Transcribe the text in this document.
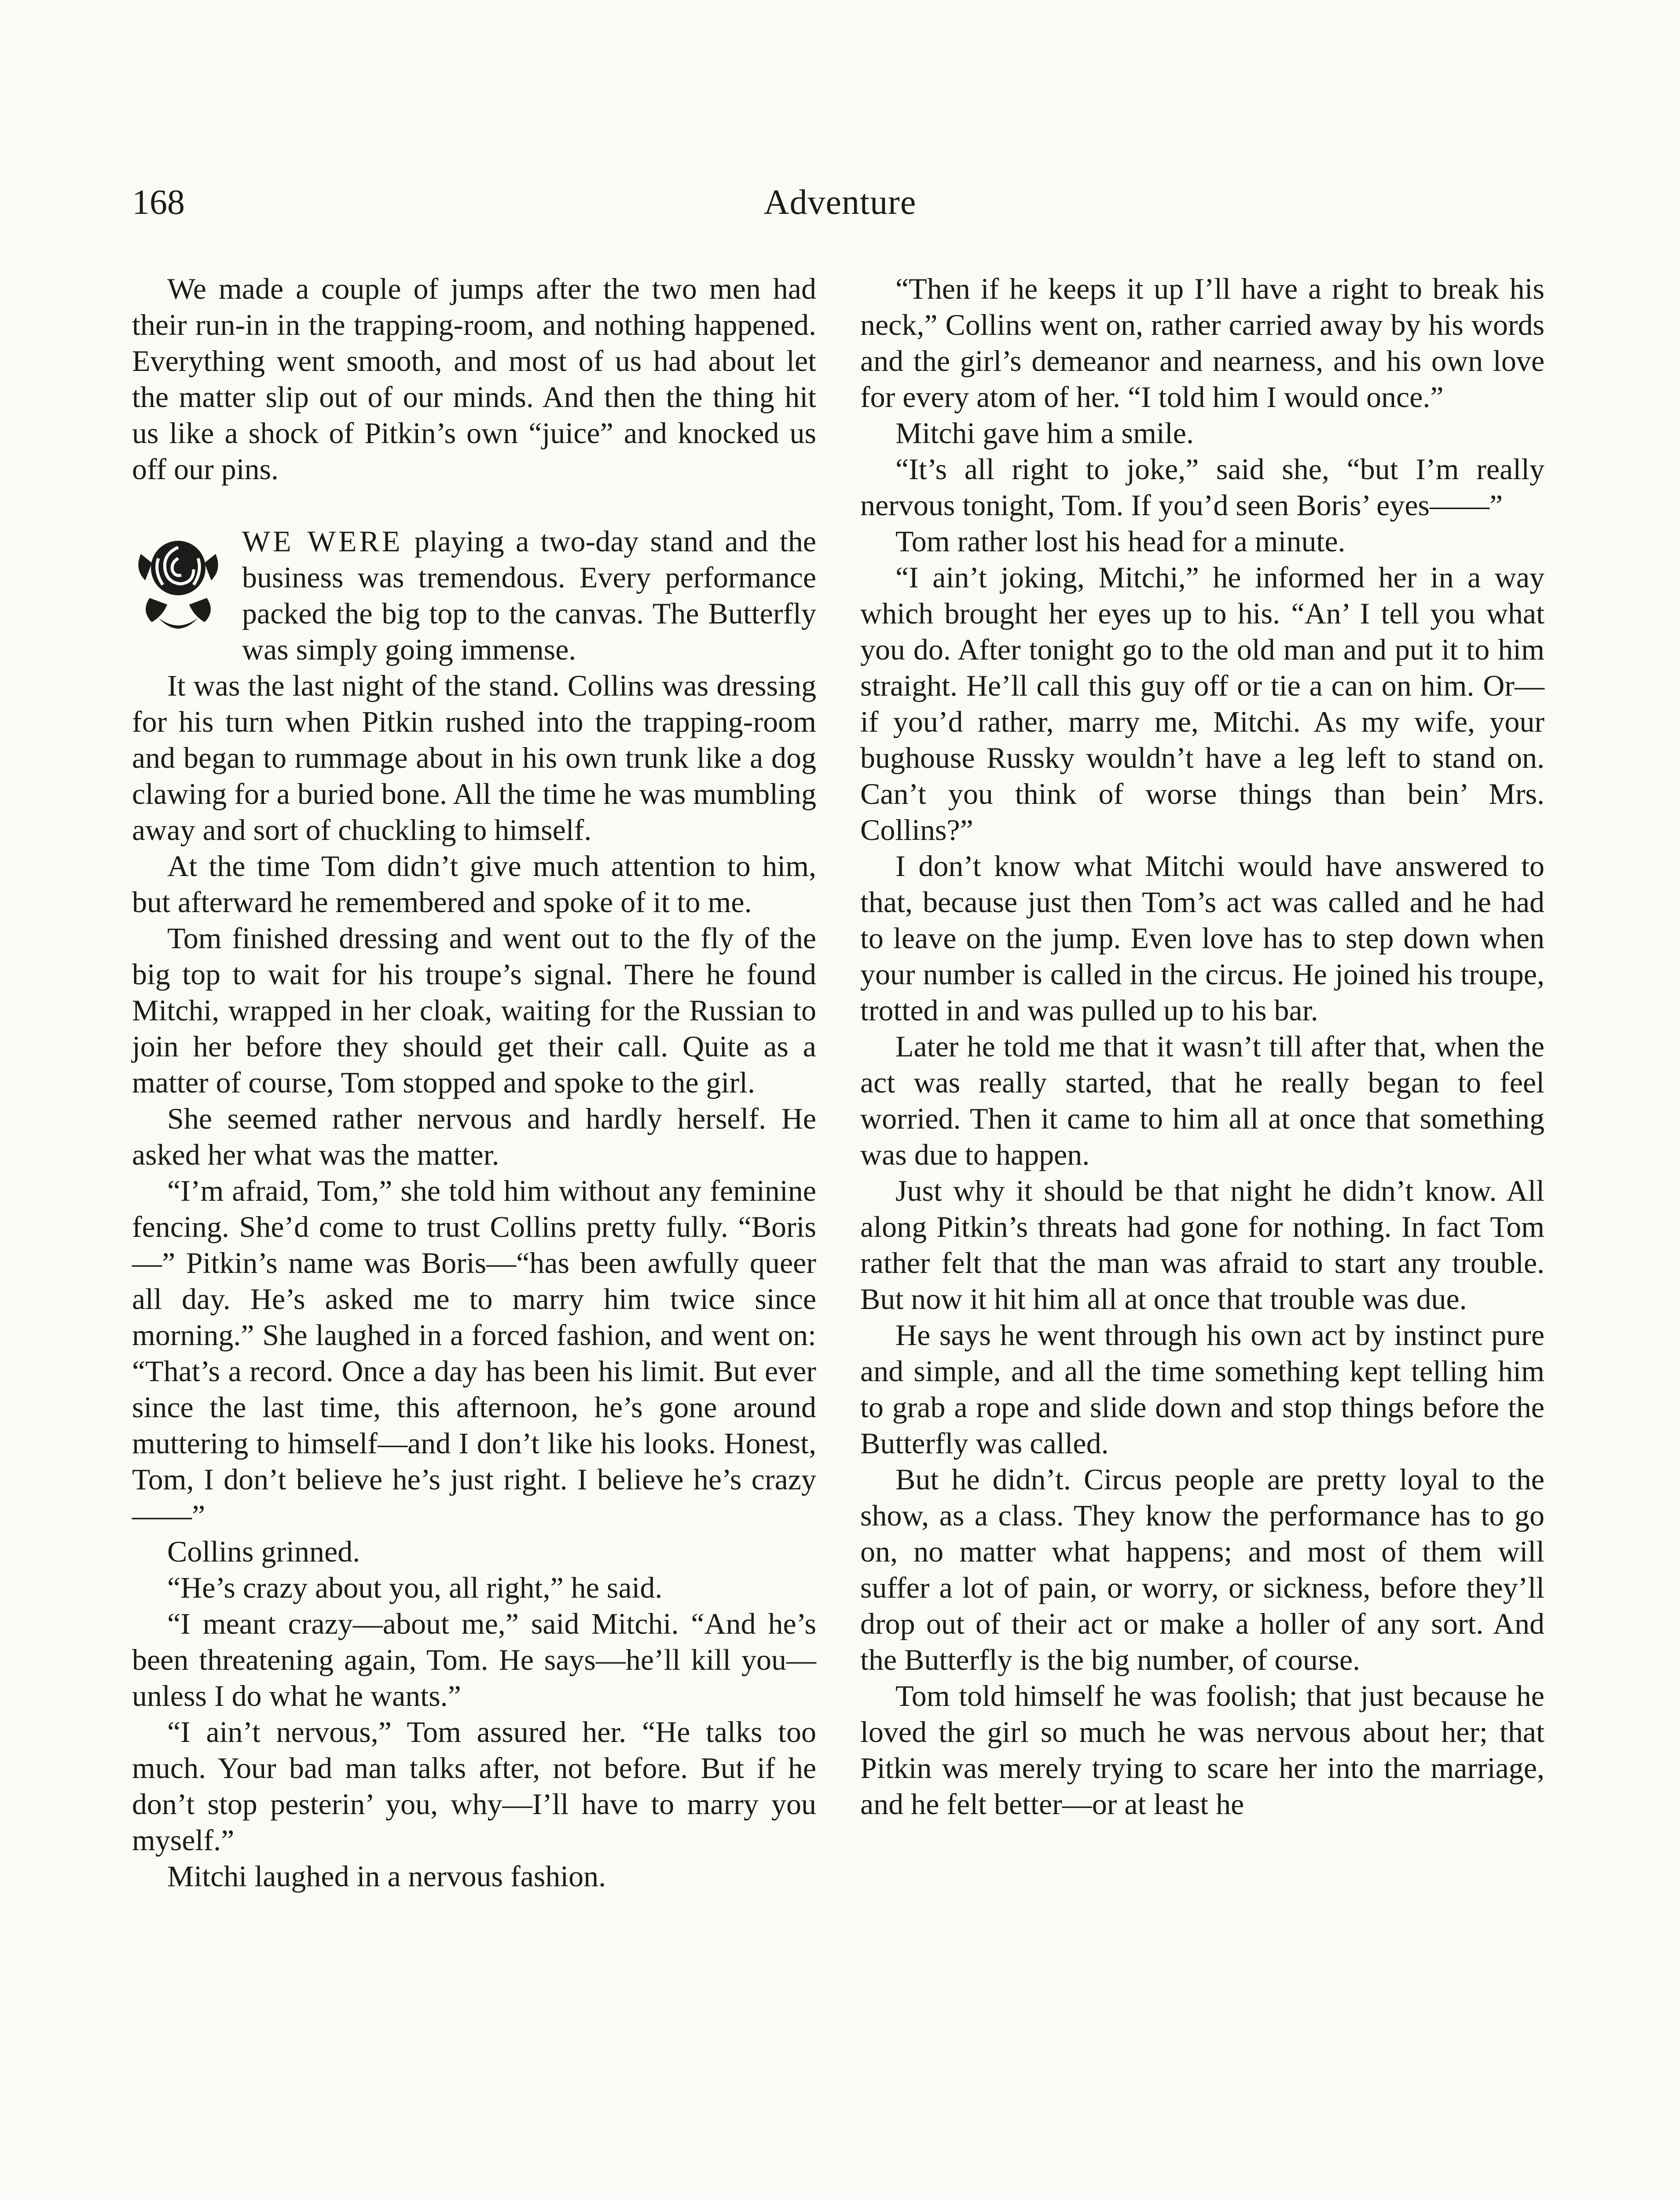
168	Adventure

We made a couple of jumps after the two men had their run-in in the trapping-room, and nothing happened. Everything went smooth, and most of us had about let the matter slip out of our minds. And then the thing hit us like a shock of Pitkin’s own “juice” and knocked us off our pins.

WE WERE playing a two-day stand and the business was tremendous. Every performance packed the big top to the canvas. The Butterfly was simply going immense.

It was the last night of the stand. Collins was dressing for his turn when Pitkin rushed into the trapping-room and began to rummage about in his own trunk like a dog clawing for a buried bone. All the time he was mumbling away and sort of chuckling to himself.

At the time Tom didn’t give much attention to him, but afterward he remembered and spoke of it to me.

Tom finished dressing and went out to the fly of the big top to wait for his troupe’s signal. There he found Mitchi, wrapped in her cloak, waiting for the Russian to join her before they should get their call. Quite as a matter of course, Tom stopped and spoke to the girl.

She seemed rather nervous and hardly herself. He asked her what was the matter.

“I’m afraid, Tom,” she told him without any feminine fencing. She’d come to trust Collins pretty fully. “Boris—” Pitkin’s name was Boris—“has been awfully queer all day. He’s asked me to marry him twice since morning.” She laughed in a forced fashion, and went on: “That’s a record. Once a day has been his limit. But ever since the last time, this afternoon, he’s gone around muttering to himself—and I don’t like his looks. Honest, Tom, I don’t believe he’s just right. I believe he’s crazy——”

Collins grinned.

“He’s crazy about you, all right,” he said.

“I meant crazy—about me,” said Mitchi. “And he’s been threatening again, Tom. He says—he’ll kill you—unless I do what he wants.”

“I ain’t nervous,” Tom assured her. “He talks too much. Your bad man talks after, not before. But if he don’t stop pesterin’ you, why—I’ll have to marry you myself.”

Mitchi laughed in a nervous fashion.

“Then if he keeps it up I’ll have a right to break his neck,” Collins went on, rather carried away by his words and the girl’s demeanor and nearness, and his own love for every atom of her. “I told him I would once.”

Mitchi gave him a smile.

“It’s all right to joke,” said she, “but I’m really nervous tonight, Tom. If you’d seen Boris’ eyes——”

Tom rather lost his head for a minute.

“I ain’t joking, Mitchi,” he informed her in a way which brought her eyes up to his. “An’ I tell you what you do. After tonight go to the old man and put it to him straight. He’ll call this guy off or tie a can on him. Or—if you’d rather, marry me, Mitchi. As my wife, your bughouse Russky wouldn’t have a leg left to stand on. Can’t you think of worse things than bein’ Mrs. Collins?”

I don’t know what Mitchi would have answered to that, because just then Tom’s act was called and he had to leave on the jump. Even love has to step down when your number is called in the circus. He joined his troupe, trotted in and was pulled up to his bar.

Later he told me that it wasn’t till after that, when the act was really started, that he really began to feel worried. Then it came to him all at once that something was due to happen.

Just why it should be that night he didn’t know. All along Pitkin’s threats had gone for nothing. In fact Tom rather felt that the man was afraid to start any trouble. But now it hit him all at once that trouble was due.

He says he went through his own act by instinct pure and simple, and all the time something kept telling him to grab a rope and slide down and stop things before the Butterfly was called.

But he didn’t. Circus people are pretty loyal to the show, as a class. They know the performance has to go on, no matter what happens; and most of them will suffer a lot of pain, or worry, or sickness, before they’ll drop out of their act or make a holler of any sort. And the Butterfly is the big number, of course.

Tom told himself he was foolish; that just because he loved the girl so much he was nervous about her; that Pitkin was merely trying to scare her into the marriage, and he felt better—or at least he
